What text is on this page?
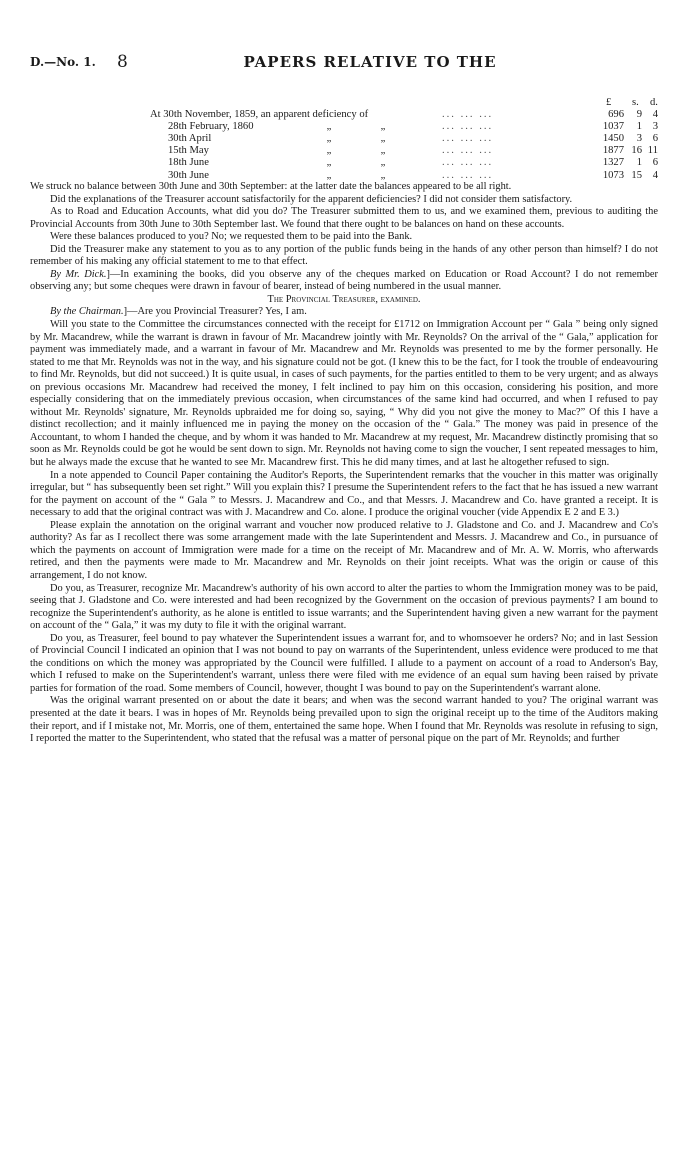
D.—No. 1. 8	PAPERS RELATIVE TO THE
£ s. d.
At 30th November, 1859, an apparent deficiency of	... ... ...	696	9	4
28th February, 1860	„	„	... ... ...	1037	1	3
30th April	„	„	... ... ...	1450	3	6
15th May	„	„	... ... ...	1877 16 11
18th June	„	„	... ... ...	1327	1	6
30th June	„	„	... ... ...	1073 15	4

We struck no balance between 30th June and 30th September: at the latter date the balances appeared to be all right.

Did the explanations of the Treasurer account satisfactorily for the apparent deficiencies? I did not consider them satisfactory.

As to Road and Education Accounts, what did you do? The Treasurer submitted them to us, and we examined them, previous to auditing the Provincial Accounts from 30th June to 30th September last. We found that there ought to be balances on hand on these accounts.

Were these balances produced to you? No; we requested them to be paid into the Bank.

Did the Treasurer make any statement to you as to any portion of the public funds being in the hands of any other person than himself? I do not remember of his making any official statement to me to that effect.

By Mr. Dick.]—In examining the books, did you observe any of the cheques marked on Education or Road Account? I do not remember observing any; but some cheques were drawn in favour of bearer, instead of being numbered in the usual manner.

The Provincial Treasurer, examined.

By the Chairman.]—Are you Provincial Treasurer? Yes, I am.

Will you state to the Committee the circumstances connected with the receipt for £1712 on Immigration Account per “ Gala ” being only signed by Mr. Macandrew, while the warrant is drawn in favour of Mr. Macandrew jointly with Mr. Reynolds? On the arrival of the “ Gala,” application for payment was immediately made, and a warrant in favour of Mr. Macandrew and Mr. Reynolds was presented to me by the former personally. He stated to me that Mr. Reynolds was not in the way, and his signature could not be got. (I knew this to be the fact, for I took the trouble of endeavouring to find Mr. Reynolds, but did not succeed.) It is quite usual, in cases of such payments, for the parties entitled to them to be very urgent; and as always on previous occasions Mr. Macandrew had received the money, I felt inclined to pay him on this occasion, considering his position, and more especially considering that on the immediately previous occasion, when circumstances of the same kind had occurred, and when I refused to pay without Mr. Reynolds' signature, Mr. Reynolds upbraided me for doing so, saying, “ Why did you not give the money to Mac?” Of this I have a distinct recollection; and it mainly influenced me in paying the money on the occasion of the “ Gala.” The money was paid in presence of the Accountant, to whom I handed the cheque, and by whom it was handed to Mr. Macandrew at my request, Mr. Macandrew distinctly promising that so soon as Mr. Reynolds could be got he would be sent down to sign. Mr. Reynolds not having come to sign the voucher, I sent repeated messages to him, but he always made the excuse that he wanted to see Mr. Macandrew first. This he did many times, and at last he altogether refused to sign.

In a note appended to Council Paper containing the Auditor's Reports, the Superintendent remarks that the voucher in this matter was originally irregular, but “ has subsequently been set right.” Will you explain this? I presume the Superintendent refers to the fact that he has issued a new warrant for the payment on account of the “ Gala ” to Messrs. J. Macandrew and Co., and that Messrs. J. Macandrew and Co. have granted a receipt. It is necessary to add that the original contract was with J. Macandrew and Co. alone. I produce the original voucher (vide Appendix E 2 and E 3.)

Please explain the annotation on the original warrant and voucher now produced relative to J. Gladstone and Co. and J. Macandrew and Co's authority? As far as I recollect there was some arrangement made with the late Superintendent and Messrs. J. Macandrew and Co., in pursuance of which the payments on account of Immigration were made for a time on the receipt of Mr. Macandrew and of Mr. A. W. Morris, who afterwards retired, and then the payments were made to Mr. Macandrew and Mr. Reynolds on their joint receipts. What was the origin or cause of this arrangement, I do not know.

Do you, as Treasurer, recognize Mr. Macandrew's authority of his own accord to alter the parties to whom the Immigration money was to be paid, seeing that J. Gladstone and Co. were interested and had been recognized by the Government on the occasion of previous payments? I am bound to recognize the Superintendent's authority, as he alone is entitled to issue warrants; and the Superintendent having given a new warrant for the payment on account of the “ Gala,” it was my duty to file it with the original warrant.

Do you, as Treasurer, feel bound to pay whatever the Superintendent issues a warrant for, and to whomsoever he orders? No; and in last Session of Provincial Council I indicated an opinion that I was not bound to pay on warrants of the Superintendent, unless evidence were produced to me that the conditions on which the money was appropriated by the Council were fulfilled. I allude to a payment on account of a road to Anderson's Bay, which I refused to make on the Superintendent's warrant, unless there were filed with me evidence of an equal sum having been raised by private parties for formation of the road. Some members of Council, however, thought I was bound to pay on the Superintendent's warrant alone.

Was the original warrant presented on or about the date it bears; and when was the second warrant handed to you? The original warrant was presented at the date it bears. I was in hopes of Mr. Reynolds being prevailed upon to sign the original receipt up to the time of the Auditors making their report, and if I mistake not, Mr. Morris, one of them, entertained the same hope. When I found that Mr. Reynolds was resolute in refusing to sign, I reported the matter to the Superintendent, who stated that the refusal was a matter of personal pique on the part of Mr. Reynolds; and further
